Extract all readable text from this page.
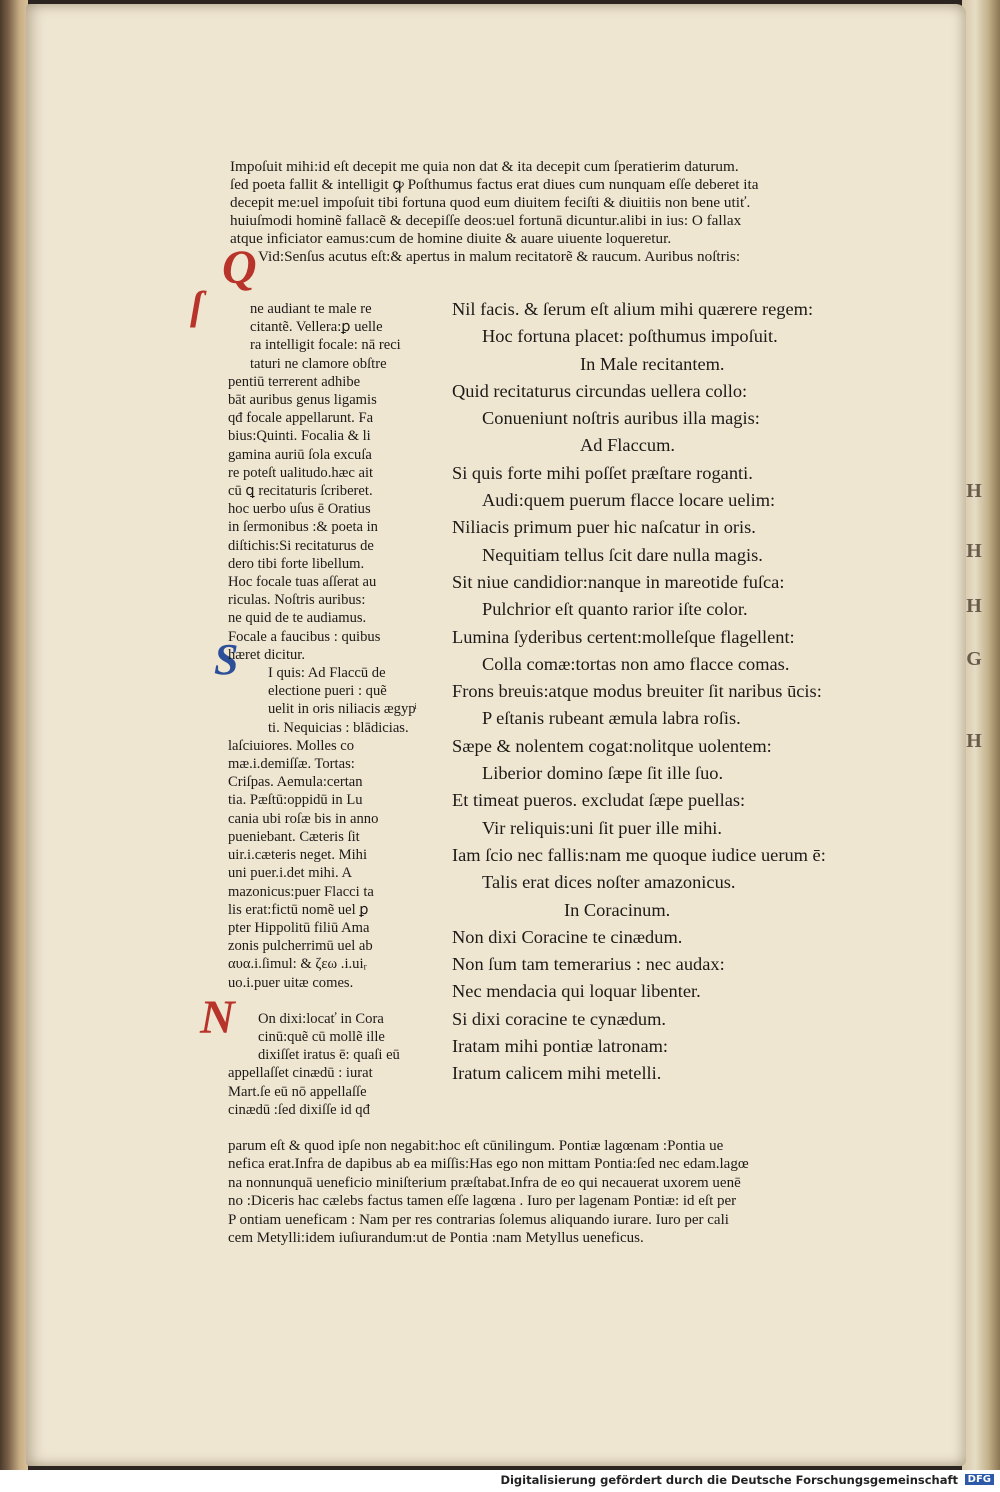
H
H
H
G
H
Q
ſ
S
N
Impoſuit mihi:id eſt decepit me quia non dat & ita decepit cum ſperatierim daturum.
ſed poeta fallit & intelligit ꝙ Poſthumus factus erat diues cum nunquam eſſe deberet ita
decepit me:uel impoſuit tibi fortuna quod eum diuitem feciſti & diuitiis non bene utiť.
huiuſmodi hominẽ fallacẽ & decepiſſe deos:uel fortunā dicuntur.alibi in ius: O fallax
atque inficiator eamus:cum de homine diuite & auare uiuente loqueretur.
Vid:Senſus acutus eſt:& apertus in malum recitatorẽ & raucum. Auribus noſtris:
ne audiant te male re
citantẽ. Vellera:ꝑ uelle
ra intelligit focale: nā reci
taturi ne clamore obſtre
pentiū terrerent adhibe
bāt auribus genus ligamis
qđ focale appellarunt. Fa
bius:Quinti. Focalia & li
gamina auriū ſola excuſa
re poteſt ualitudo.hæc ait
cū ꝗ recitaturis ſcriberet.
hoc uerbo uſus ē Oratius
in ſermonibus :& poeta in
diſtichis:Si recitaturus de
dero tibi forte libellum.
Hoc focale tuas aſſerat au
riculas. Noſtris auribus:
ne quid de te audiamus.
Focale a faucibus : quibus
hæret dicitur.
I quis: Ad Flaccū de
electione pueri : quẽ
uelit in oris niliacis ægypͥ
ti. Nequicias : blādicias.
laſciuiores. Molles co
mæ.i.demiſſæ. Tortas:
Criſpas. Aemula:certan
tia. Pæſtū:oppidū in Lu
cania ubi roſæ bis in anno
pueniebant. Cæteris ſit
uir.i.cæteris neget. Mihi
uni puer.i.det mihi. A
mazonicus:puer Flacci ta
lis erat:fictū nomẽ uel ꝑ
pter Hippolitū filiū Ama
zonis pulcherrimū uel ab
αυα.i.ſimul: & ζεω .i.uiᵣ
uo.i.puer uitæ comes.
On dixi:locať in Cora
cinū:quẽ cū mollẽ ille
dixiſſet iratus ē: quaſi eū
appellaſſet cinædū : iurat
Mart.ſe eū nō appellaſſe
cinædū :ſed dixiſſe id qđ
Nil facis. & ſerum eſt alium mihi quærere regem:
Hoc fortuna placet: poſthumus impoſuit.
In Male recitantem.
Quid recitaturus circundas uellera collo:
Conueniunt noſtris auribus illa magis:
Ad Flaccum.
Si quis forte mihi poſſet præſtare roganti.
Audi:quem puerum flacce locare uelim:
Niliacis primum puer hic naſcatur in oris.
Nequitiam tellus ſcit dare nulla magis.
Sit niue candidior:nanque in mareotide fuſca:
Pulchrior eſt quanto rarior iſte color.
Lumina ſyderibus certent:molleſque flagellent:
Colla comæ:tortas non amo flacce comas.
Frons breuis:atque modus breuiter ſit naribus ūcis:
P eſtanis rubeant æmula labra roſis.
Sæpe & nolentem cogat:nolitque uolentem:
Liberior domino ſæpe ſit ille ſuo.
Et timeat pueros. excludat ſæpe puellas:
Vir reliquis:uni ſit puer ille mihi.
Iam ſcio nec fallis:nam me quoque iudice uerum ē:
Talis erat dices noſter amazonicus.
In Coracinum.
Non dixi Coracine te cinædum.
Non ſum tam temerarius : nec audax:
Nec mendacia qui loquar libenter.
Si dixi coracine te cynædum.
Iratam mihi pontiæ latronam:
Iratum calicem mihi metelli.
parum eſt & quod ipſe non negabit:hoc eſt cūnilingum. Pontiæ lagœnam :Pontia ue
nefica erat.Infra de dapibus ab ea miſſis:Has ego non mittam Pontia:ſed nec edam.lagœ
na nonnunquā ueneficio miniſterium præſtabat.Infra de eo qui necauerat uxorem uenē
no :Diceris hac cælebs factus tamen eſſe lagœna . Iuro per lagenam Pontiæ: id eſt per
P ontiam ueneficam : Nam per res contrarias ſolemus aliquando iurare. Iuro per cali
cem Metylli:idem iuſiurandum:ut de Pontia :nam Metyllus ueneficus.
Digitalisierung gefördert durch die Deutsche Forschungsgemeinschaft DFG
